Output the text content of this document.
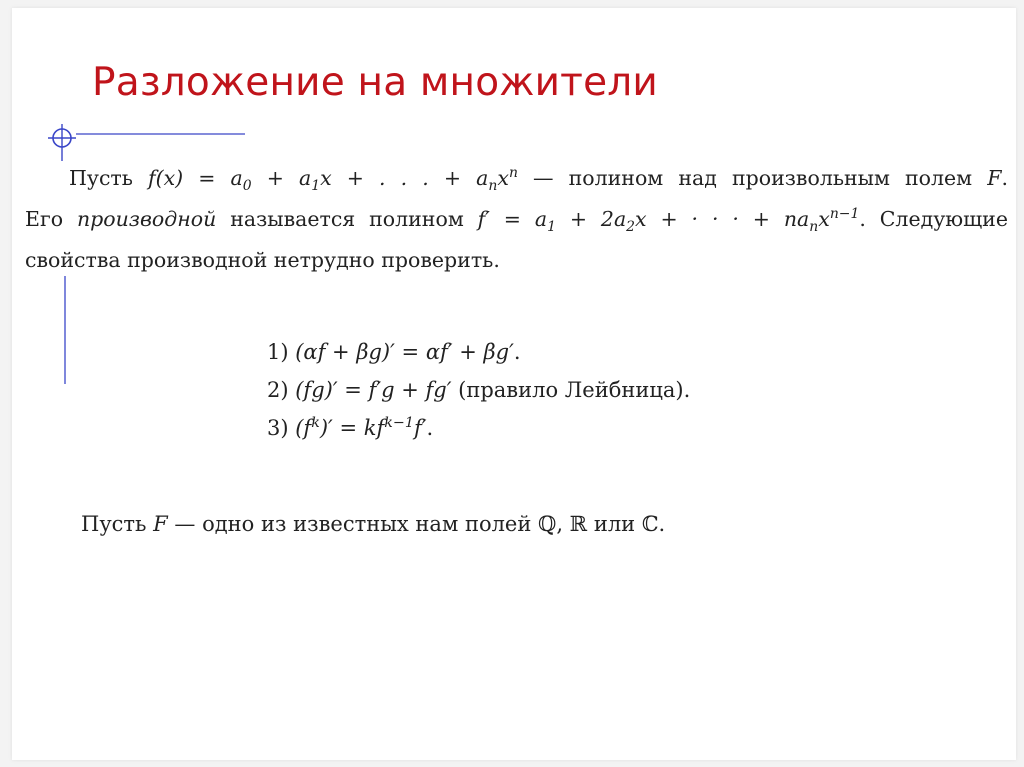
Разложение на множители
Пусть $f(x) = a_0 + a_1x$ + . . . + $a_nx^n$ — полином над произвольным полем F.
Его производной называется полином $f' = a_1 + 2a_2x$ + · · · + $na_nx^{n-1}$. Следующие
свойства производной нетрудно проверить.
1) (αf + βg)′ = αf′ + βg′.
2) (fg)′ = f′g + fg′ (правило Лейбница).
3) $(f^k)' = kf^{k-1}f'$.
Пусть F — одно из известных нам полей ℚ, ℝ или ℂ.
